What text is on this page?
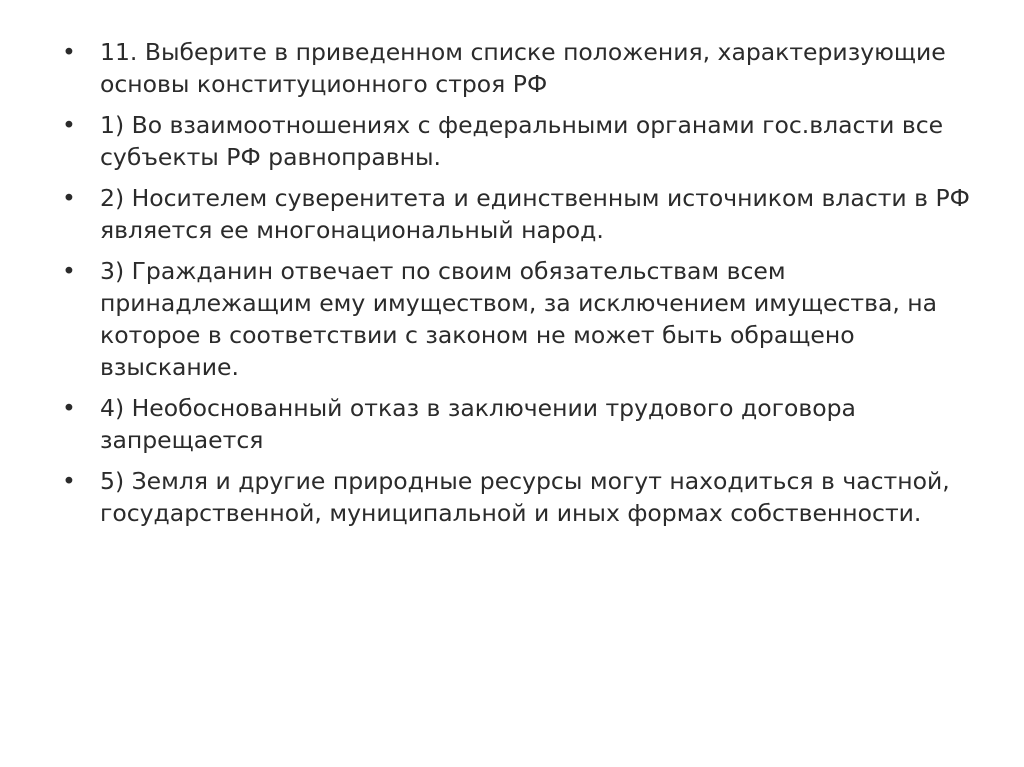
• 11. Выберите в приведенном списке положения, характеризующие основы конституционного строя РФ
• 1) Во взаимоотношениях с федеральными органами гос.власти все субъекты РФ равноправны.
• 2) Носителем суверенитета и единственным источником власти в РФ является ее многонациональный народ.
• 3) Гражданин отвечает по своим обязательствам всем принадлежащим ему имуществом, за исключением имущества, на которое в соответствии с законом не может быть обращено взыскание.
• 4) Необоснованный отказ в заключении трудового договора запрещается
• 5) Земля и другие природные ресурсы могут находиться в частной, государственной, муниципальной и иных формах собственности.
